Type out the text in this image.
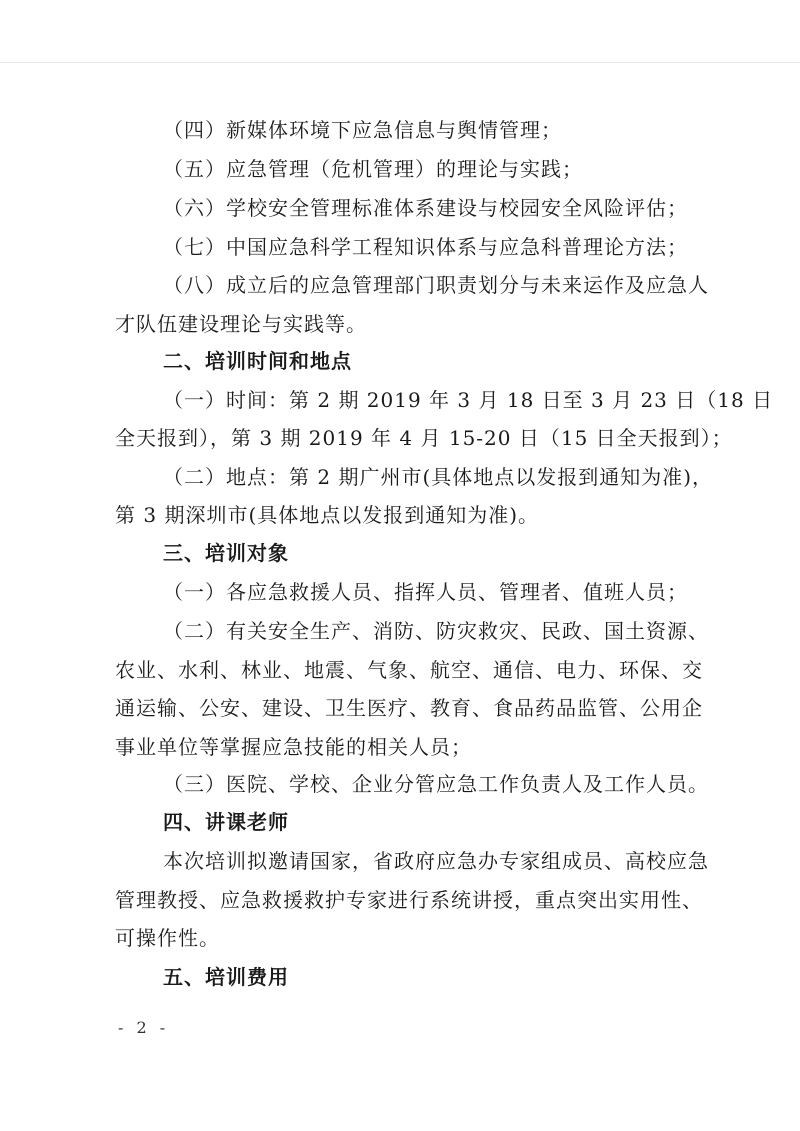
（四）新媒体环境下应急信息与舆情管理；
（五）应急管理（危机管理）的理论与实践；
（六）学校安全管理标准体系建设与校园安全风险评估；
（七）中国应急科学工程知识体系与应急科普理论方法；
（八）成立后的应急管理部门职责划分与未来运作及应急人
才队伍建设理论与实践等。
二、培训时间和地点
（一）时间：第 2 期 2019 年 3 月 18 日至 3 月 23 日（18 日
全天报到），第 3 期 2019 年 4 月 15-20 日（15 日全天报到）；
（二）地点：第 2 期广州市(具体地点以发报到通知为准)，
第 3 期深圳市(具体地点以发报到通知为准)。
三、培训对象
（一）各应急救援人员、指挥人员、管理者、值班人员；
（二）有关安全生产、消防、防灾救灾、民政、国土资源、
农业、水利、林业、地震、气象、航空、通信、电力、环保、交
通运输、公安、建设、卫生医疗、教育、食品药品监管、公用企
事业单位等掌握应急技能的相关人员；
（三）医院、学校、企业分管应急工作负责人及工作人员。
四、讲课老师
本次培训拟邀请国家，省政府应急办专家组成员、高校应急
管理教授、应急救援救护专家进行系统讲授，重点突出实用性、
可操作性。
五、培训费用
- 2 -
